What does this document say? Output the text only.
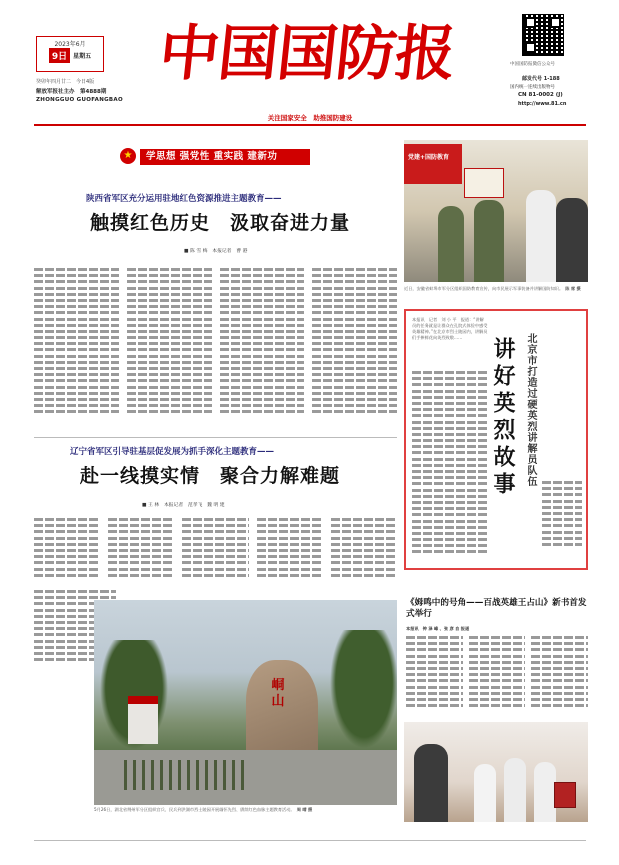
2023年6月
9日	星期五
癸卯年四月廿二　 今日4版
解放军报社主办　 第4888期
ZHONGGUO GUOFANGBAO
中国国防报
关注国家安全　助推国防建设
中国国防报微信公众号
邮发代号 1-188
国内统一连续出版物号
CN 81-0002 (J)
http://www.81.cn
★	学思想 强党性 重实践 建新功
陕西省军区充分运用驻地红色资源推进主题教育——
触摸红色历史　汲取奋进力量
■ 陈 雪 梅　本报记者　曹 港
辽宁省军区引导驻基层促发展为抓手深化主题教育——
赴一线摸实情　聚合力解难题
■ 王 林　本报记者　范孝飞　魏 明 建
峒山
5月26日，湖北省荆州军分区组织官兵、民兵到洪湖市烈士陵园开展缅怀先烈、赓续红色血脉主题教育活动。　 周 晴 摄
党建+国防教育
近日，安徽省蚌埠市军分区组织国防教育宣传，向市民展示军事装备并讲解国防知识。　 陈 席 摄
本报讯　记者　刘 小 平　报道：“讲解员的任务就是让群众在孔院式体验中感受英雄精神。”在北京市烈士陵园内，讲解员们手捧鲜花向英烈致敬……	讲好英烈故事	北京市打造过硬英烈讲解员队伍
《姆鸣中的号角——百战英雄王占山》新书首发式举行
本报讯　钟 泽 峰 、张 彦 自 报道
